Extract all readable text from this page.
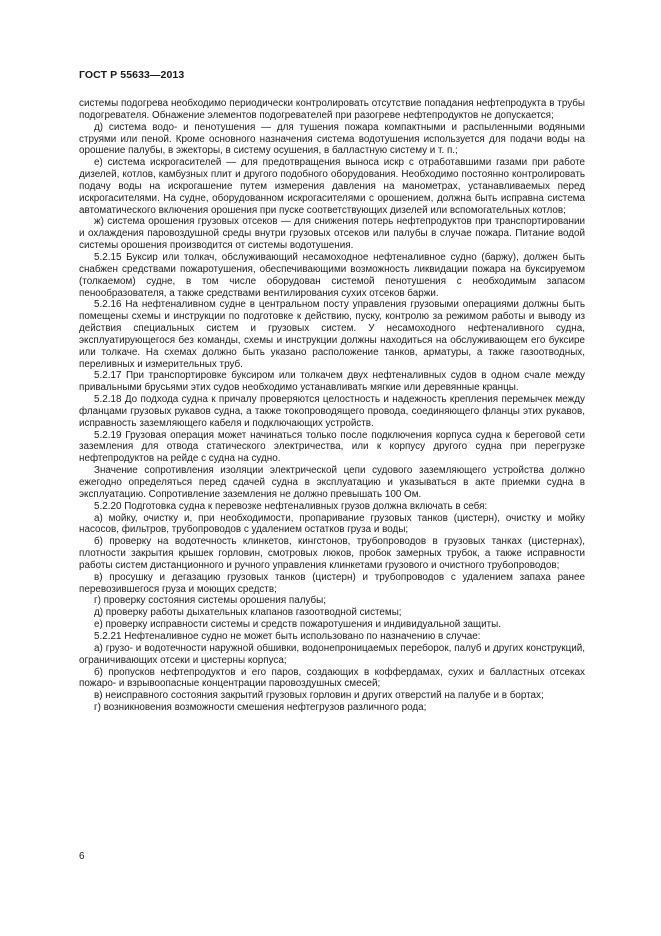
ГОСТ Р 55633—2013

системы подогрева необходимо периодически контролировать отсутствие попадания нефтепродукта в трубы подогревателя. Обнажение элементов подогревателей при разогреве нефтепродуктов не допускается;

д) система водо- и пенотушения — для тушения пожара компактными и распыленными водяными струями или пеной. Кроме основного назначения система водотушения используется для подачи воды на орошение палубы, в эжекторы, в систему осушения, в балластную систему и т. п.;

е) система искрогасителей — для предотвращения выноса искр с отработавшими газами при работе дизелей, котлов, камбузных плит и другого подобного оборудования. Необходимо постоянно контролировать подачу воды на искрогашение путем измерения давления на манометрах, устанавливаемых перед искрогасителями. На судне, оборудованном искрогасителями с орошением, должна быть исправна система автоматического включения орошения при пуске соответствующих дизелей или вспомогательных котлов;

ж) система орошения грузовых отсеков — для снижения потерь нефтепродуктов при транспортировании и охлаждения паровоздушной среды внутри грузовых отсеков или палубы в случае пожара. Питание водой системы орошения производится от системы водотушения.

5.2.15 Буксир или толкач, обслуживающий несамоходное нефтеналивное судно (баржу), должен быть снабжен средствами пожаротушения, обеспечивающими возможность ликвидации пожара на буксируемом (толкаемом) судне, в том числе оборудован системой пенотушения с необходимым запасом пенообразователя, а также средствами вентилирования сухих отсеков баржи.

5.2.16 На нефтеналивном судне в центральном посту управления грузовыми операциями должны быть помещены схемы и инструкции по подготовке к действию, пуску, контролю за режимом работы и выводу из действия специальных систем и грузовых систем. У несамоходного нефтеналивного судна, эксплуатирующегося без команды, схемы и инструкции должны находиться на обслуживающем его буксире или толкаче. На схемах должно быть указано расположение танков, арматуры, а также газоотводных, переливных и измерительных труб.

5.2.17 При транспортировке буксиром или толкачем двух нефтеналивных судов в одном счале между привальными брусьями этих судов необходимо устанавливать мягкие или деревянные кранцы.

5.2.18 До подхода судна к причалу проверяются целостность и надежность крепления перемычек между фланцами грузовых рукавов судна, а также токопроводящего провода, соединяющего фланцы этих рукавов, исправность заземляющего кабеля и подключающих устройств.

5.2.19 Грузовая операция может начинаться только после подключения корпуса судна к береговой сети заземления для отвода статического электричества, или к корпусу другого судна при перегрузке нефтепродуктов на рейде с судна на судно.

Значение сопротивления изоляции электрической цепи судового заземляющего устройства должно ежегодно определяться перед сдачей судна в эксплуатацию и указываться в акте приемки судна в эксплуатацию. Сопротивление заземления не должно превышать 100 Ом.

5.2.20 Подготовка судна к перевозке нефтеналивных грузов должна включать в себя:

а) мойку, очистку и, при необходимости, пропаривание грузовых танков (цистерн), очистку и мойку насосов, фильтров, трубопроводов с удалением остатков груза и воды;

б) проверку на водотечность клинкетов, кингстонов, трубопроводов в грузовых танках (цистернах), плотности закрытия крышек горловин, смотровых люков, пробок замерных трубок, а также исправности работы систем дистанционного и ручного управления клинкетами грузового и очистного трубопроводов;

в) просушку и дегазацию грузовых танков (цистерн) и трубопроводов с удалением запаха ранее перевозившегося груза и моющих средств;

г) проверку состояния системы орошения палубы;

д) проверку работы дыхательных клапанов газоотводной системы;

е) проверку исправности системы и средств пожаротушения и индивидуальной защиты.

5.2.21 Нефтеналивное судно не может быть использовано по назначению в случае:

а) грузо- и водотечности наружной обшивки, водонепроницаемых переборок, палуб и других конструкций, ограничивающих отсеки и цистерны корпуса;

б) пропусков нефтепродуктов и его паров, создающих в коффердамах, сухих и балластных отсеках пожаро- и взрывоопасные концентрации паровоздушных смесей;

в) неисправного состояния закрытий грузовых горловин и других отверстий на палубе и в бортах;

г) возникновения возможности смешения нефтегрузов различного рода;

6
